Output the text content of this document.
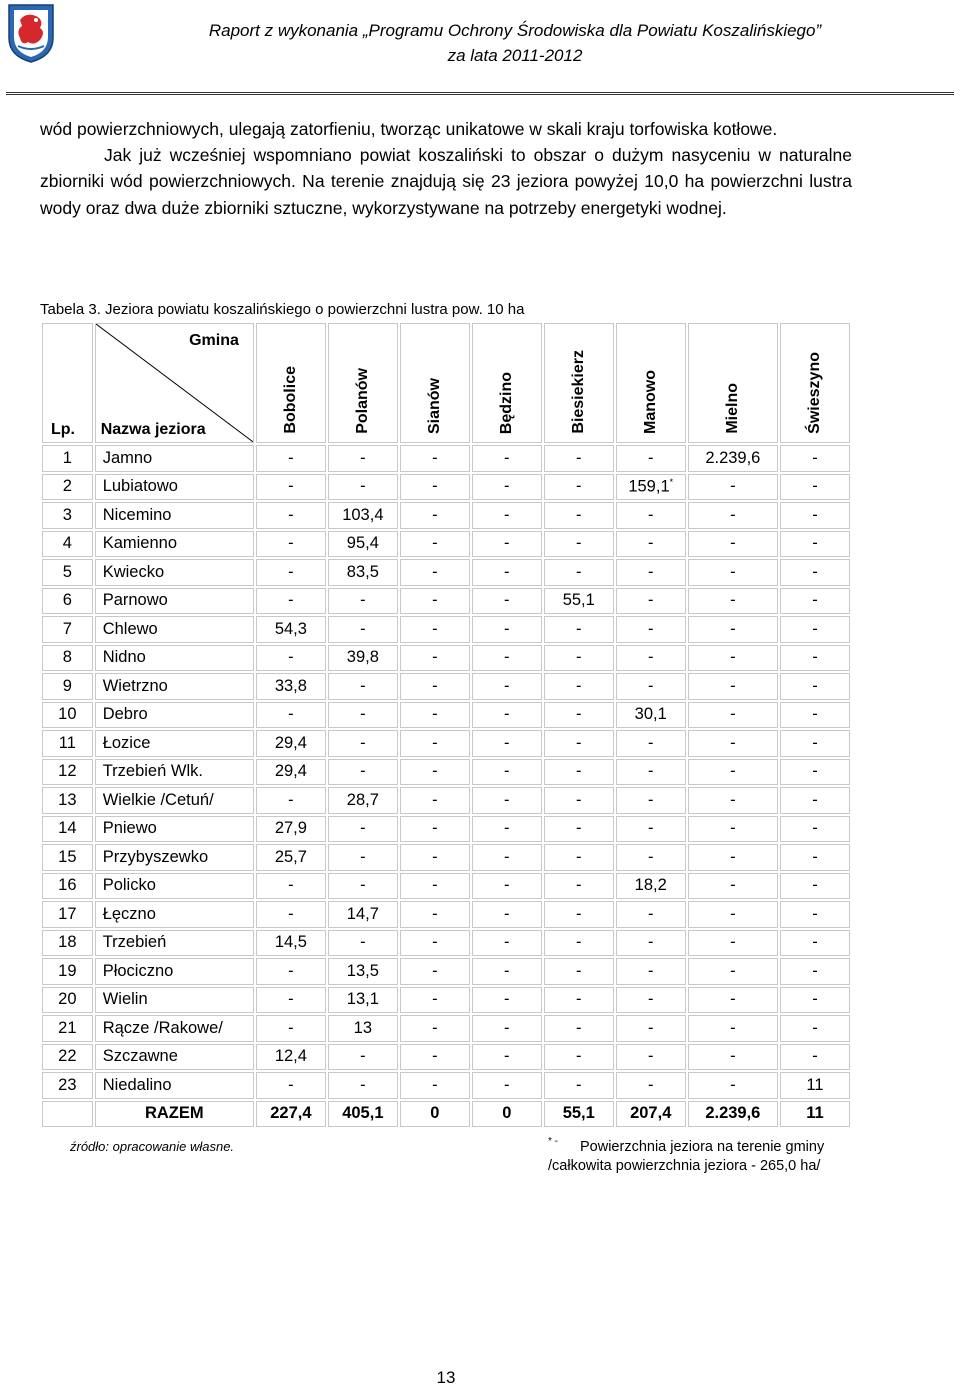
Raport z wykonania „Programu Ochrony Środowiska dla Powiatu Koszalińskiego”
za lata 2011-2012

wód powierzchniowych, ulegają zatorfieniu, tworząc unikatowe w skali kraju torfowiska kotłowe.

Jak już wcześniej wspomniano powiat koszaliński to obszar o dużym nasyceniu w naturalne zbiorniki wód powierzchniowych. Na terenie znajdują się 23 jeziora powyżej 10,0 ha powierzchni lustra wody oraz dwa duże zbiorniki sztuczne, wykorzystywane na potrzeby energetyki wodnej.

Tabela 3. Jeziora powiatu koszalińskiego o powierzchni lustra pow. 10 ha
Lp.	Gmina
Nazwa jeziora	Bobolice	Polanów	Sianów	Będzino	Biesiekierz	Manowo	Mielno	Świeszyno

1	Jamno	-	-	-	-	-	-	2.239,6	-
2	Lubiatowo	-	-	-	-	-	159,1*	-	-
3	Nicemino	-	103,4	-	-	-	-	-	-
4	Kamienno	-	95,4	-	-	-	-	-	-
5	Kwiecko	-	83,5	-	-	-	-	-	-
6	Parnowo	-	-	-	-	55,1	-	-	-
7	Chlewo	54,3	-	-	-	-	-	-	-
8	Nidno	-	39,8	-	-	-	-	-	-
9	Wietrzno	33,8	-	-	-	-	-	-	-
10	Debro	-	-	-	-	-	30,1	-	-
11	Łozice	29,4	-	-	-	-	-	-	-
12	Trzebień Wlk.	29,4	-	-	-	-	-	-	-
13	Wielkie /Cetuń/	-	28,7	-	-	-	-	-	-
14	Pniewo	27,9	-	-	-	-	-	-	-
15	Przybyszewko	25,7	-	-	-	-	-	-	-
16	Policko	-	-	-	-	-	18,2	-	-
17	Łęczno	-	14,7	-	-	-	-	-	-
18	Trzebień	14,5	-	-	-	-	-	-	-
19	Płociczno	-	13,5	-	-	-	-	-	-
20	Wielin	-	13,1	-	-	-	-	-	-
21	Rącze /Rakowe/	-	13	-	-	-	-	-	-
22	Szczawne	12,4	-	-	-	-	-	-	-
23	Niedalino	-	-	-	-	-	-	-	11
	RAZEM	227,4	405,1	0	0	55,1	207,4	2.239,6	11
źródło: opracowanie własne.	* -	Powierzchnia jeziora na terenie gminy
/całkowita powierzchnia jeziora - 265,0 ha/
13
